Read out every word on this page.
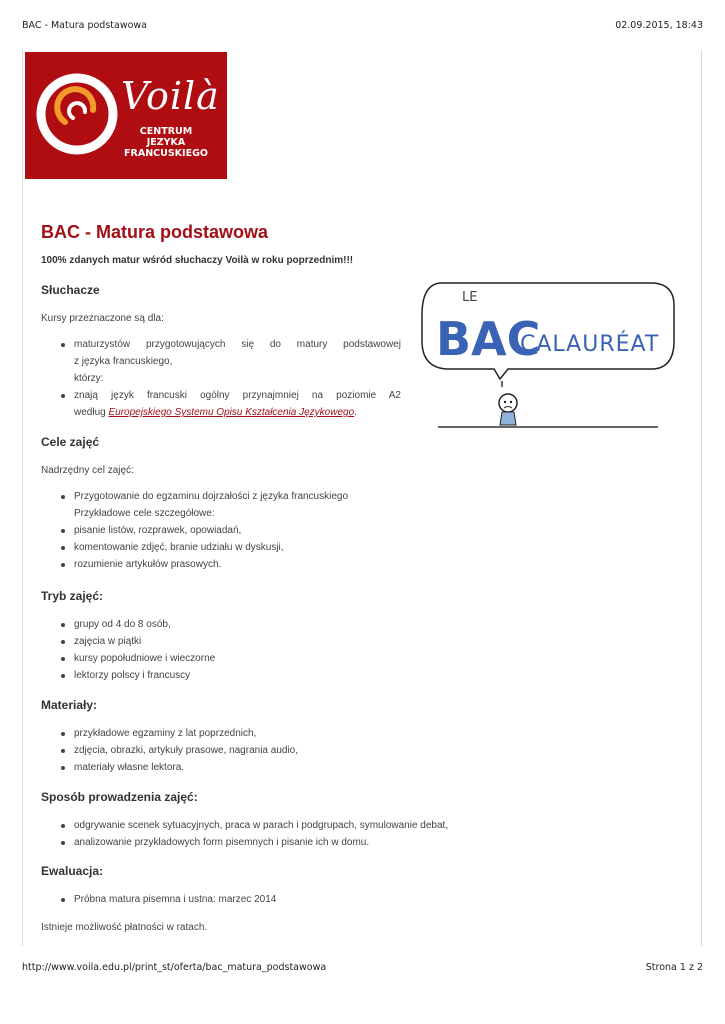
BAC - Matura podstawowa	02.09.2015, 18:43
Voilà
CENTRUM JEZYKA
FRANCUSKIEGO
BAC - Matura podstawowa
100% zdanych matur wśród słuchaczy Voilà w roku poprzednim!!!
LE
BAC
CALAURÉAT
Słuchacze

Kursy przeznaczone są dla:

maturzystów przygotowujących się do matury podstawowej
z języka francuskiego,
którzy:
znają język francuski ogólny przynajmniej na poziomie A2
według Europejskiego Systemu Opisu Kształcenia Językowego.
Cele zajęć

Nadrzędny cel zajęć:

Przygotowanie do egzaminu dojrzałości z języka francuskiego
Przykładowe cele szczegółowe:
pisanie listów, rozprawek, opowiadań,
komentowanie zdjęć, branie udziału w dyskusji,
rozumienie artykułów prasowych.
Tryb zajęć:
grupy od 4 do 8 osób,
zajęcia w piątki
kursy popołudniowe i wieczorne
lektorzy polscy i francuscy
Materiały:
przykładowe egzaminy z lat poprzednich,
zdjęcia, obrazki, artykuły prasowe, nagrania audio,
materiały własne lektora.
Sposób prowadzenia zajęć:
odgrywanie scenek sytuacyjnych, praca w parach i podgrupach, symulowanie debat,
analizowanie przykładowych form pisemnych i pisanie ich w domu.
Ewaluacja:
Próbna matura pisemna i ustna: marzec 2014

Istnieje możliwość płatności w ratach.

http://www.voila.edu.pl/print_st/oferta/bac_matura_podstawowa	Strona 1 z 2
